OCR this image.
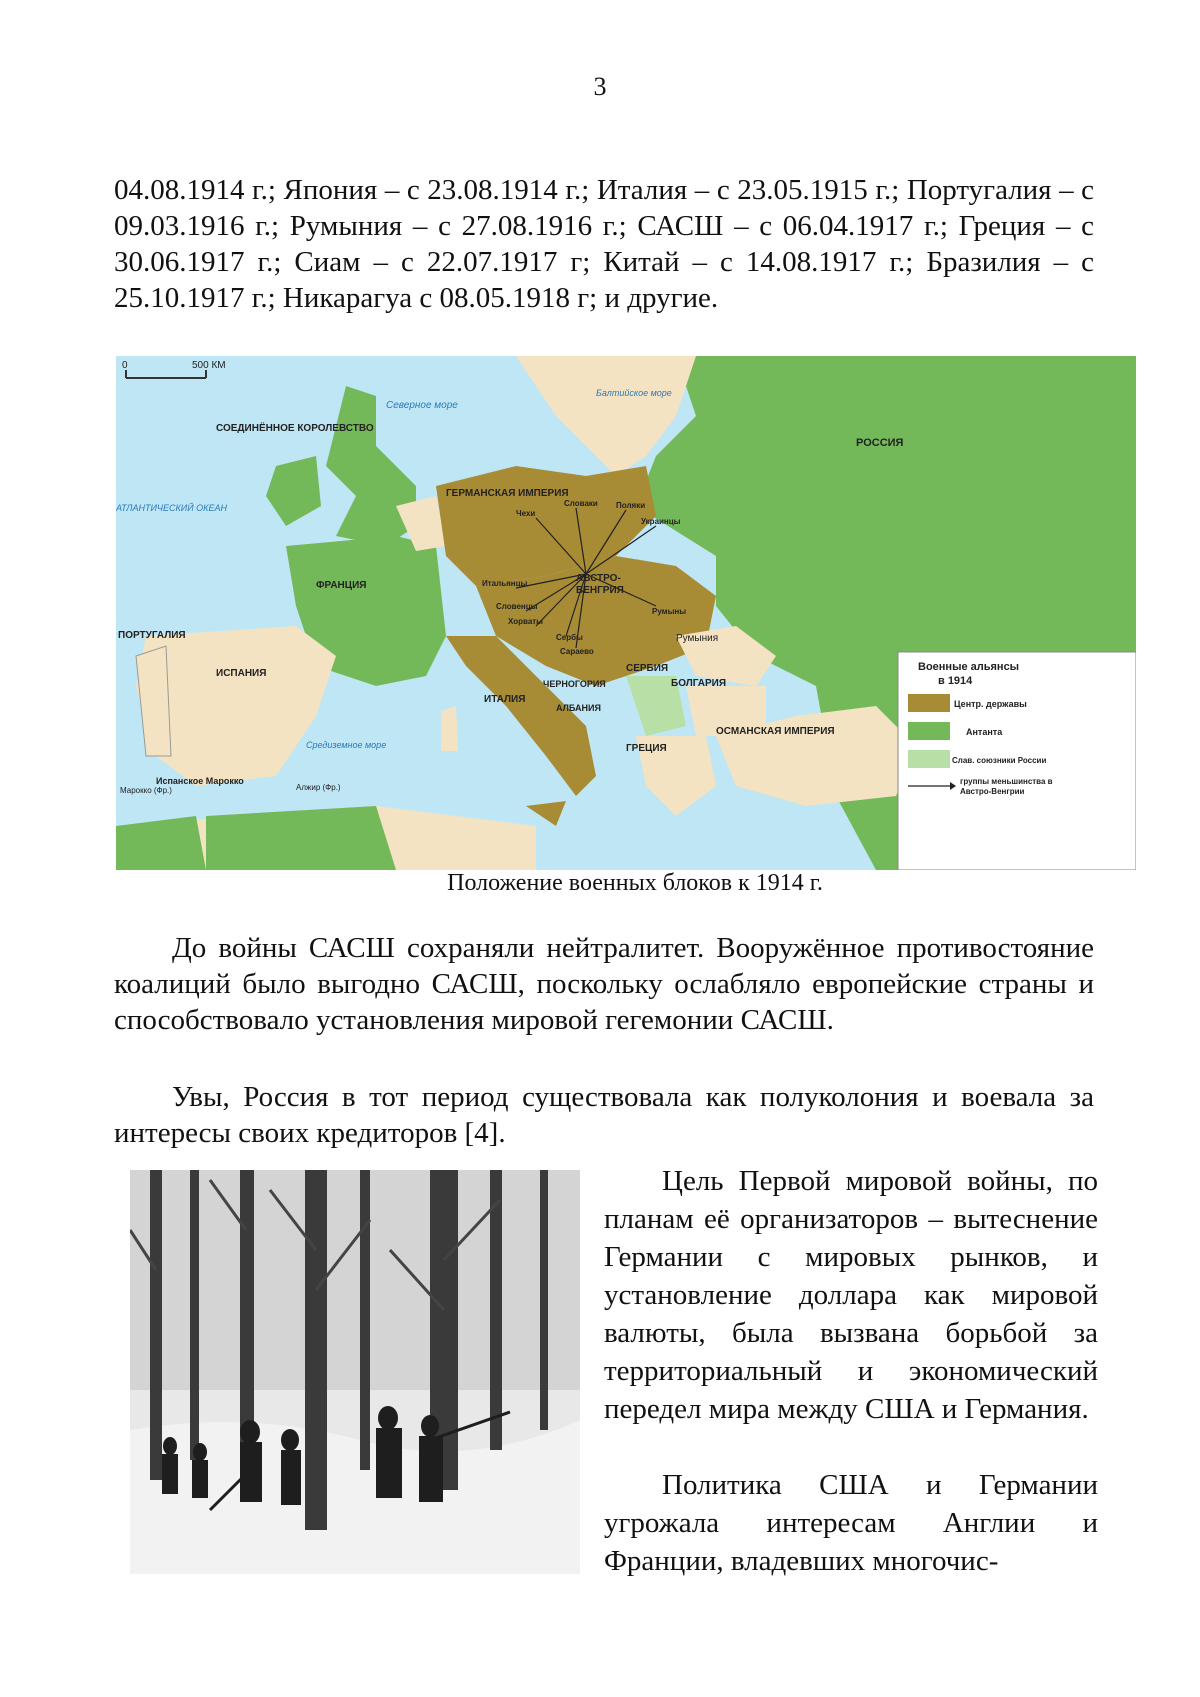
3

04.08.1914 г.; Япония – с 23.08.1914 г.; Италия – с 23.05.1915 г.; Португалия – с 09.03.1916 г.; Румыния – с 27.08.1916 г.; САСШ – с 06.04.1917 г.; Греция – с 30.06.1917 г.; Сиам – с 22.07.1917 г; Китай – с 14.08.1917 г.; Бразилия – с 25.10.1917 г.; Никарагуа с 08.05.1918 г; и другие.

0	500 КМ
СОЕДИНЁННОЕ КОРОЛЕВСТВО
Северное море
Балтийское море
РОССИЯ
АТЛАНТИЧЕСКИЙ ОКЕАН
ГЕРМАНСКАЯ ИМПЕРИЯ
ФРАНЦИЯ
АВСТРО-
ВЕНГРИЯ
ПОРТУГАЛИЯ
ИСПАНИЯ
ИТАЛИЯ
Средиземное море
Румыния
СЕРБИЯ
БОЛГАРИЯ
ЧЕРНОГОРИЯ
АЛБАНИЯ
ГРЕЦИЯ
ОСМАНСКАЯ ИМПЕРИЯ
Испанское Марокко
Марокко (Фр.)	Алжир (Фр.)
Чехи
Словаки Поляки
Украинцы
Итальянцы
Словенцы
Хорваты
Сербы
Сараево
Румыны
Военные альянсы
в 1914
Центр. державы
Антанта
Слав. союзники России
группы меньшинства в
Австро-Венгрии
Положение военных блоков к 1914 г.

До войны САСШ сохраняли нейтралитет. Вооружённое противостояние коалиций было выгодно САСШ, поскольку ослабляло европейские страны и способствовало установления мировой гегемонии САСШ.

Увы, Россия в тот период существовала как полуколония и воевала за интересы своих кредиторов [4].

Цель Первой мировой войны, по планам её организаторов – вытеснение Германии с мировых рынков, и установление доллара как мировой валюты, была вызвана борьбой за территориальный и экономический передел мира между США и Германия.

Политика США и Германии угрожала интересам Англии и Франции, владевших многочис-
